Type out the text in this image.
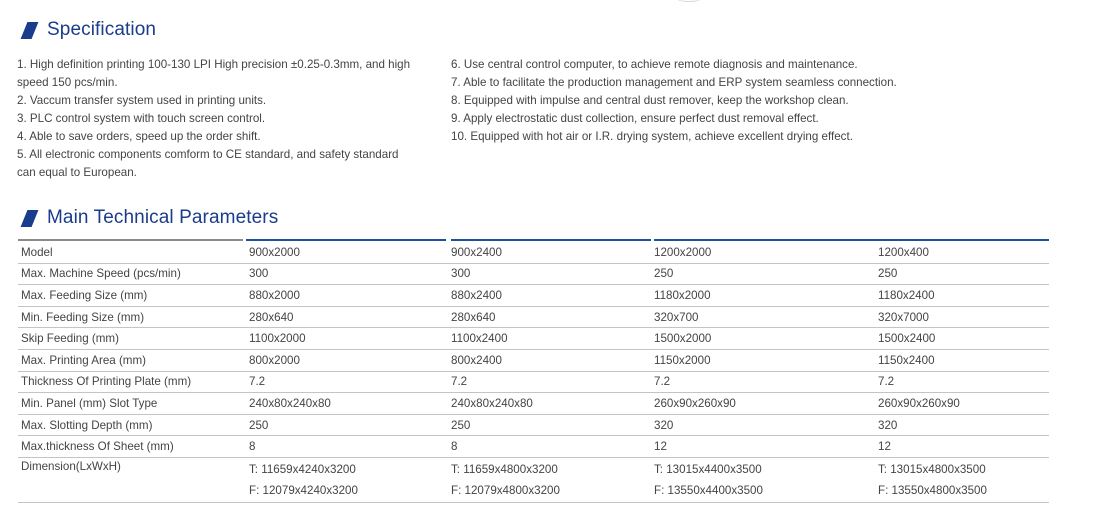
Specification

1. High definition printing 100-130 LPI High precision ±0.25-0.3mm, and high speed 150 pcs/min.

2. Vaccum transfer system used in printing units.

3. PLC control system with touch screen control.

4. Able to save orders, speed up the order shift.

5. All electronic components comform to CE standard, and safety standard can equal to European.

6. Use central control computer, to achieve remote diagnosis and maintenance.

7. Able to facilitate the production management and ERP system seamless connection.

8. Equipped with impulse and central dust remover, keep the workshop clean.

9. Apply electrostatic dust collection, ensure perfect dust removal effect.

10. Equipped with hot air or I.R. drying system, achieve excellent drying effect.

Main Technical Parameters
Model	900x2000	900x2400	1200x2000	1200x400
Max. Machine Speed (pcs/min)	300	300	250	250
Max. Feeding Size (mm)	880x2000	880x2400	1180x2000	1180x2400
Min. Feeding Size (mm)	280x640	280x640	320x700	320x7000
Skip Feeding (mm)	1100x2000	1100x2400	1500x2000	1500x2400
Max. Printing Area (mm)	800x2000	800x2400	1150x2000	1150x2400
Thickness Of Printing Plate (mm)	7.2	7.2	7.2	7.2
Min. Panel (mm) Slot Type	240x80x240x80	240x80x240x80	260x90x260x90	260x90x260x90
Max. Slotting Depth (mm)	250	250	320	320
Max.thickness Of Sheet (mm)	8	8	12	12
Dimension(LxWxH)	T: 11659x4240x3200
F: 12079x4240x3200	T: 11659x4800x3200
F: 12079x4800x3200	T: 13015x4400x3500
F: 13550x4400x3500	T: 13015x4800x3500
F: 13550x4800x3500
